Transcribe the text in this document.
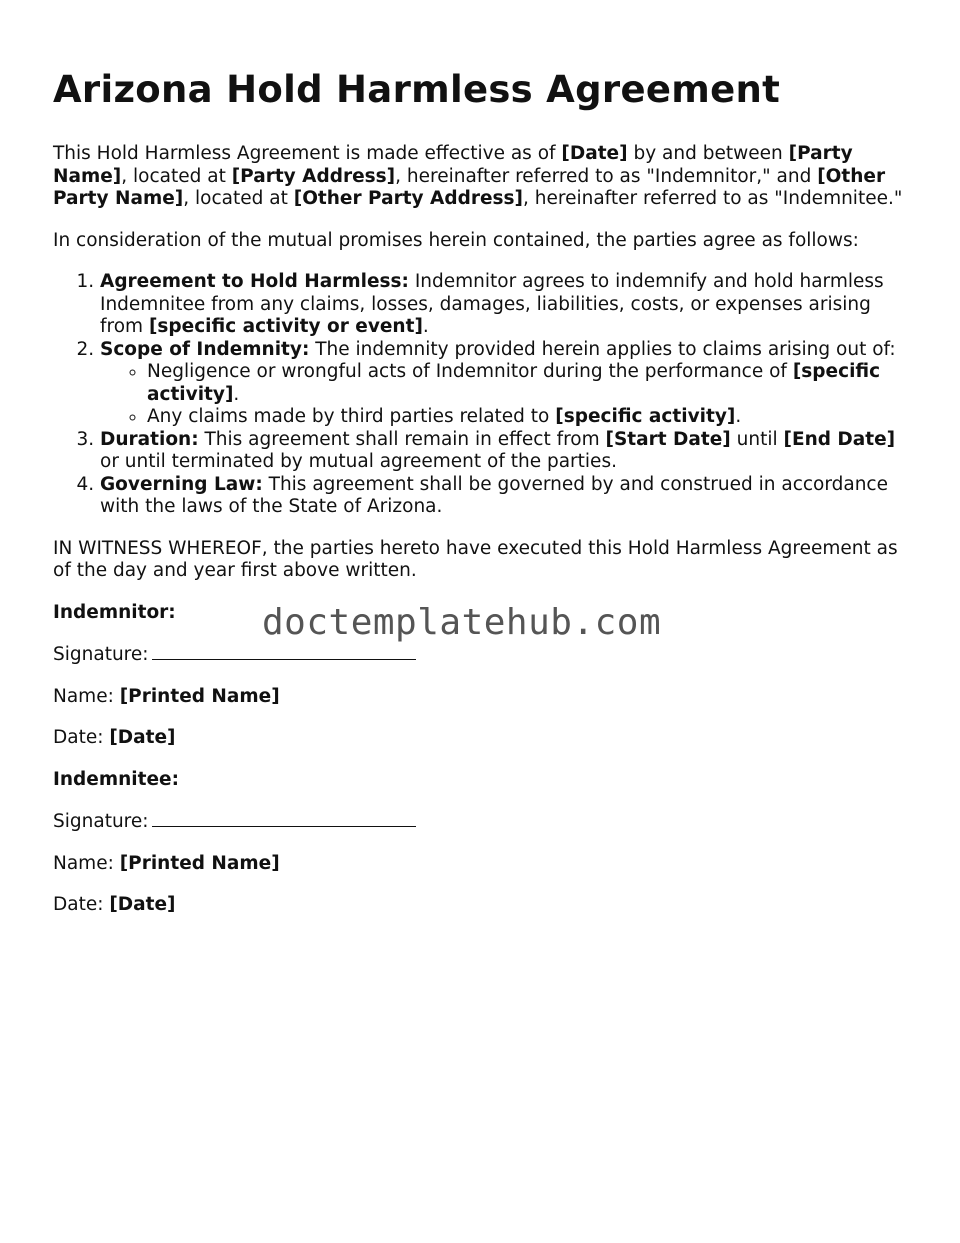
Arizona Hold Harmless Agreement

This Hold Harmless Agreement is made effective as of [Date] by and between [Party Name], located at [Party Address], hereinafter referred to as "Indemnitor," and [Other Party Name], located at [Other Party Address], hereinafter referred to as "Indemnitee."

In consideration of the mutual promises herein contained, the parties agree as follows:

1. Agreement to Hold Harmless: Indemnitor agrees to indemnify and hold harmless Indemnitee from any claims, losses, damages, liabilities, costs, or expenses arising from [specific activity or event].
2. Scope of Indemnity: The indemnity provided herein applies to claims arising out of:
◦ Negligence or wrongful acts of Indemnitor during the performance of [specific activity].
◦ Any claims made by third parties related to [specific activity].
3. Duration: This agreement shall remain in effect from [Start Date] until [End Date] or until terminated by mutual agreement of the parties.
4. Governing Law: This agreement shall be governed by and construed in accordance with the laws of the State of Arizona.

IN WITNESS WHEREOF, the parties hereto have executed this Hold Harmless Agreement as of the day and year first above written.

Indemnitor:

Signature:

Name: [Printed Name]

Date: [Date]

Indemnitee:

Signature:

Name: [Printed Name]

Date: [Date]

doctemplatehub.com
